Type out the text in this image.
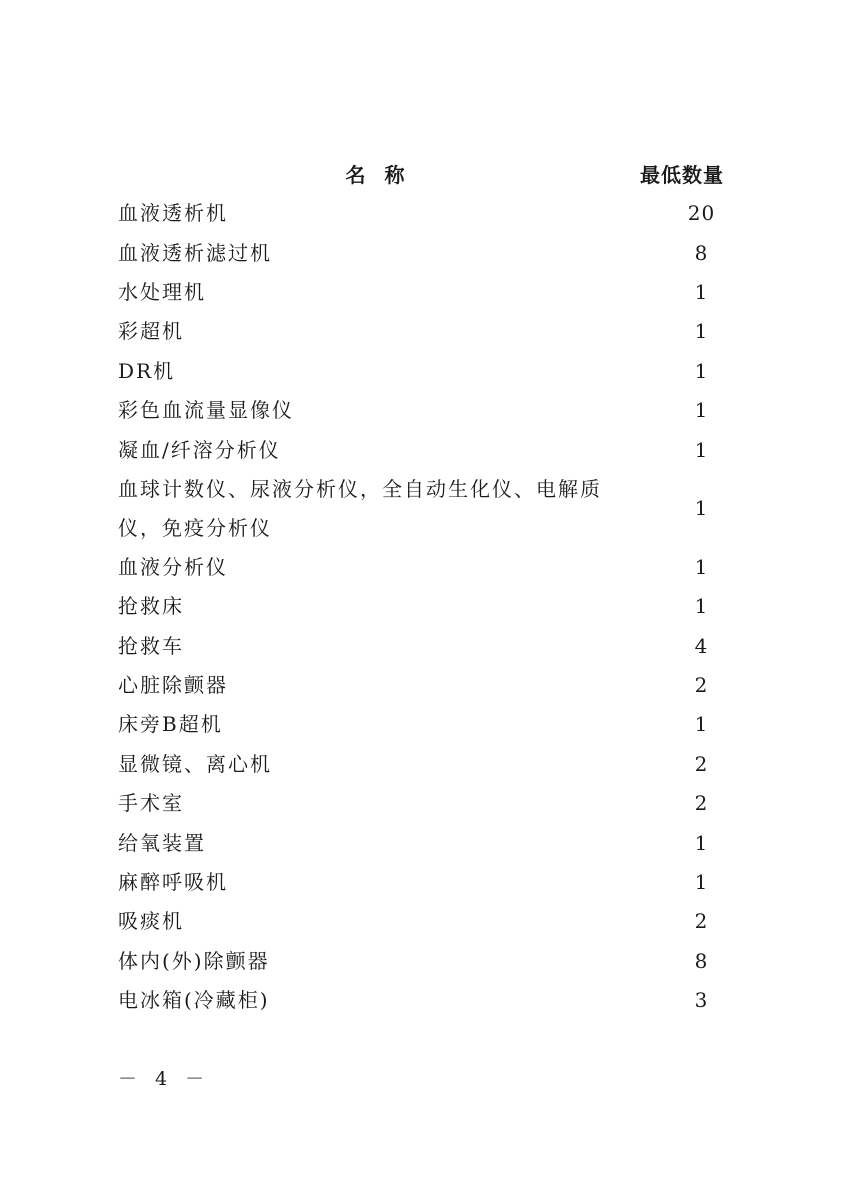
名 称	最低数量
血液透析机	20
血液透析滤过机	8
水处理机	1
彩超机	1
DR机	1
彩色血流量显像仪	1
凝血/纤溶分析仪	1
血球计数仪、尿液分析仪，全自动生化仪、电解质仪，免疫分析仪	1
血液分析仪	1
抢救床	1
抢救车	4
心脏除颤器	2
床旁B超机	1
显微镜、离心机	2
手术室	2
给氧装置	1
麻醉呼吸机	1
吸痰机	2
体内(外)除颤器	8
电冰箱(冷藏柜)	3
－ 4 －
